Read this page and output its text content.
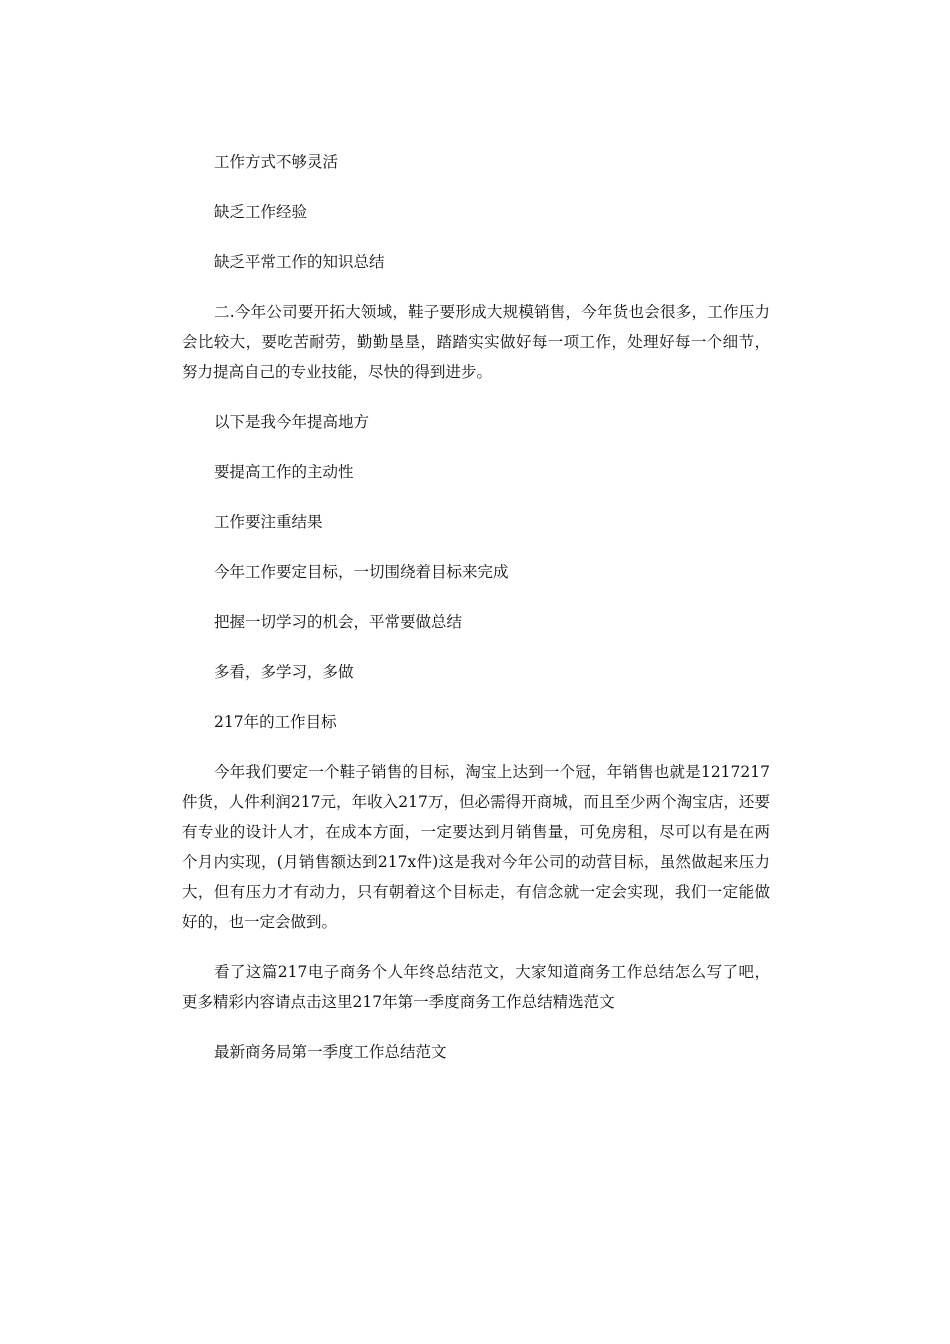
工作方式不够灵活

缺乏工作经验

缺乏平常工作的知识总结

二.今年公司要开拓大领域，鞋子要形成大规模销售，今年货也会很多，工作压力会比较大，要吃苦耐劳，勤勤垦垦，踏踏实实做好每一项工作，处理好每一个细节，努力提高自己的专业技能，尽快的得到进步。

以下是我今年提高地方

要提高工作的主动性

工作要注重结果

今年工作要定目标，一切围绕着目标来完成

把握一切学习的机会，平常要做总结

多看，多学习，多做

217年的工作目标

今年我们要定一个鞋子销售的目标，淘宝上达到一个冠，年销售也就是1217217件货，人件利润217元，年收入217万，但必需得开商城，而且至少两个淘宝店，还要有专业的设计人才，在成本方面，一定要达到月销售量，可免房租，尽可以有是在两个月内实现，(月销售额达到217x件)这是我对今年公司的动营目标，虽然做起来压力大，但有压力才有动力，只有朝着这个目标走，有信念就一定会实现，我们一定能做好的，也一定会做到。

看了这篇217电子商务个人年终总结范文，大家知道商务工作总结怎么写了吧，更多精彩内容请点击这里217年第一季度商务工作总结精选范文

最新商务局第一季度工作总结范文
